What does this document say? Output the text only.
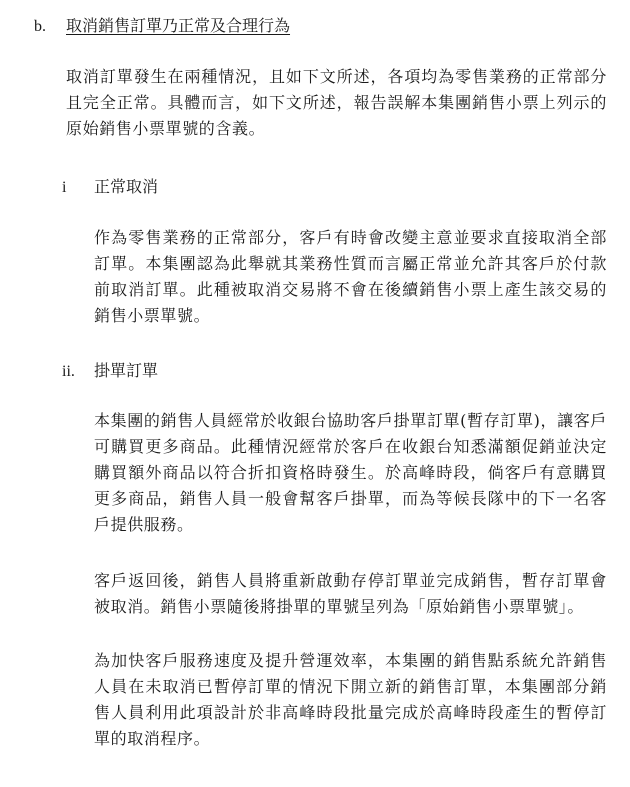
b. 取消銷售訂單乃正常及合理行為

取消訂單發生在兩種情況，且如下文所述，各項均為零售業務的正常部分且完全正常。具體而言，如下文所述，報告誤解本集團銷售小票上列示的原始銷售小票單號的含義。

i 正常取消

作為零售業務的正常部分，客戶有時會改變主意並要求直接取消全部訂單。本集團認為此舉就其業務性質而言屬正常並允許其客戶於付款前取消訂單。此種被取消交易將不會在後續銷售小票上產生該交易的銷售小票單號。

ii. 掛單訂單

本集團的銷售人員經常於收銀台協助客戶掛單訂單(暫存訂單)，讓客戶可購買更多商品。此種情況經常於客戶在收銀台知悉滿額促銷並決定購買額外商品以符合折扣資格時發生。於高峰時段，倘客戶有意購買更多商品，銷售人員一般會幫客戶掛單，而為等候長隊中的下一名客戶提供服務。

客戶返回後，銷售人員將重新啟動存停訂單並完成銷售，暫存訂單會被取消。銷售小票隨後將掛單的單號呈列為「原始銷售小票單號」。

為加快客戶服務速度及提升營運效率，本集團的銷售點系統允許銷售人員在未取消已暫停訂單的情況下開立新的銷售訂單，本集團部分銷售人員利用此項設計於非高峰時段批量完成於高峰時段產生的暫停訂單的取消程序。
